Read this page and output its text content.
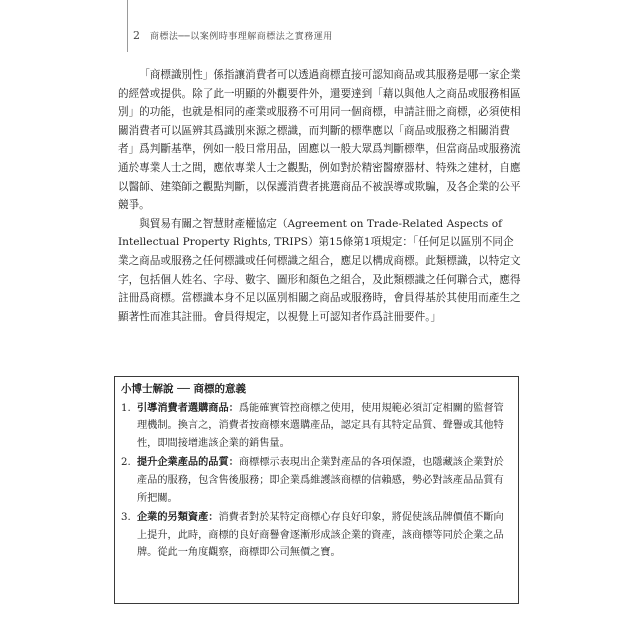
2 商標法──以案例時事理解商標法之實務運用

「商標識別性」係指讓消費者可以透過商標直接可認知商品或其服務是哪一家企業的經營或提供。除了此一明顯的外觀要件外，還要達到「藉以與他人之商品或服務相區別」的功能，也就是相同的產業或服務不可用同一個商標，申請註冊之商標，必須使相關消費者可以區辨其爲識別來源之標識，而判斷的標準應以「商品或服務之相關消費者」爲判斷基準，例如一般日常用品，固應以一般大眾爲判斷標準，但當商品或服務流通於專業人士之間，應依專業人士之觀點，例如對於精密醫療器材、特殊之建材，自應以醫師、建築師之觀點判斷，以保護消費者挑選商品不被誤導或欺騙，及各企業的公平競爭。

與貿易有關之智慧財產權協定（Agreement on Trade-Related Aspects of Intellectual Property Rights, TRIPS）第15條第1項規定：「任何足以區別不同企業之商品或服務之任何標識或任何標識之組合，應足以構成商標。此類標識，以特定文字，包括個人姓名、字母、數字、圖形和顏色之組合，及此類標識之任何聯合式，應得註冊爲商標。當標識本身不足以區別相關之商品或服務時，會員得基於其使用而產生之顯著性而准其註冊。會員得規定，以視覺上可認知者作爲註冊要件。」

小博士解說 ── 商標的意義
1. 引導消費者選購商品：爲能確實管控商標之使用，使用規範必須訂定相關的監督管理機制。換言之，消費者按商標來選購產品，認定具有其特定品質、聲譽或其他特性，即間接增進該企業的銷售量。
2. 提升企業產品的品質：商標標示表現出企業對產品的各項保證，也隱藏該企業對於產品的服務，包含售後服務；即企業爲維護該商標的信賴感，勢必對該產品品質有所把關。
3. 企業的另類資產：消費者對於某特定商標心存良好印象，將促使該品牌價值不斷向上提升，此時，商標的良好商譽會逐漸形成該企業的資產，該商標等同於企業之品牌。從此一角度觀察，商標即公司無價之寶。
